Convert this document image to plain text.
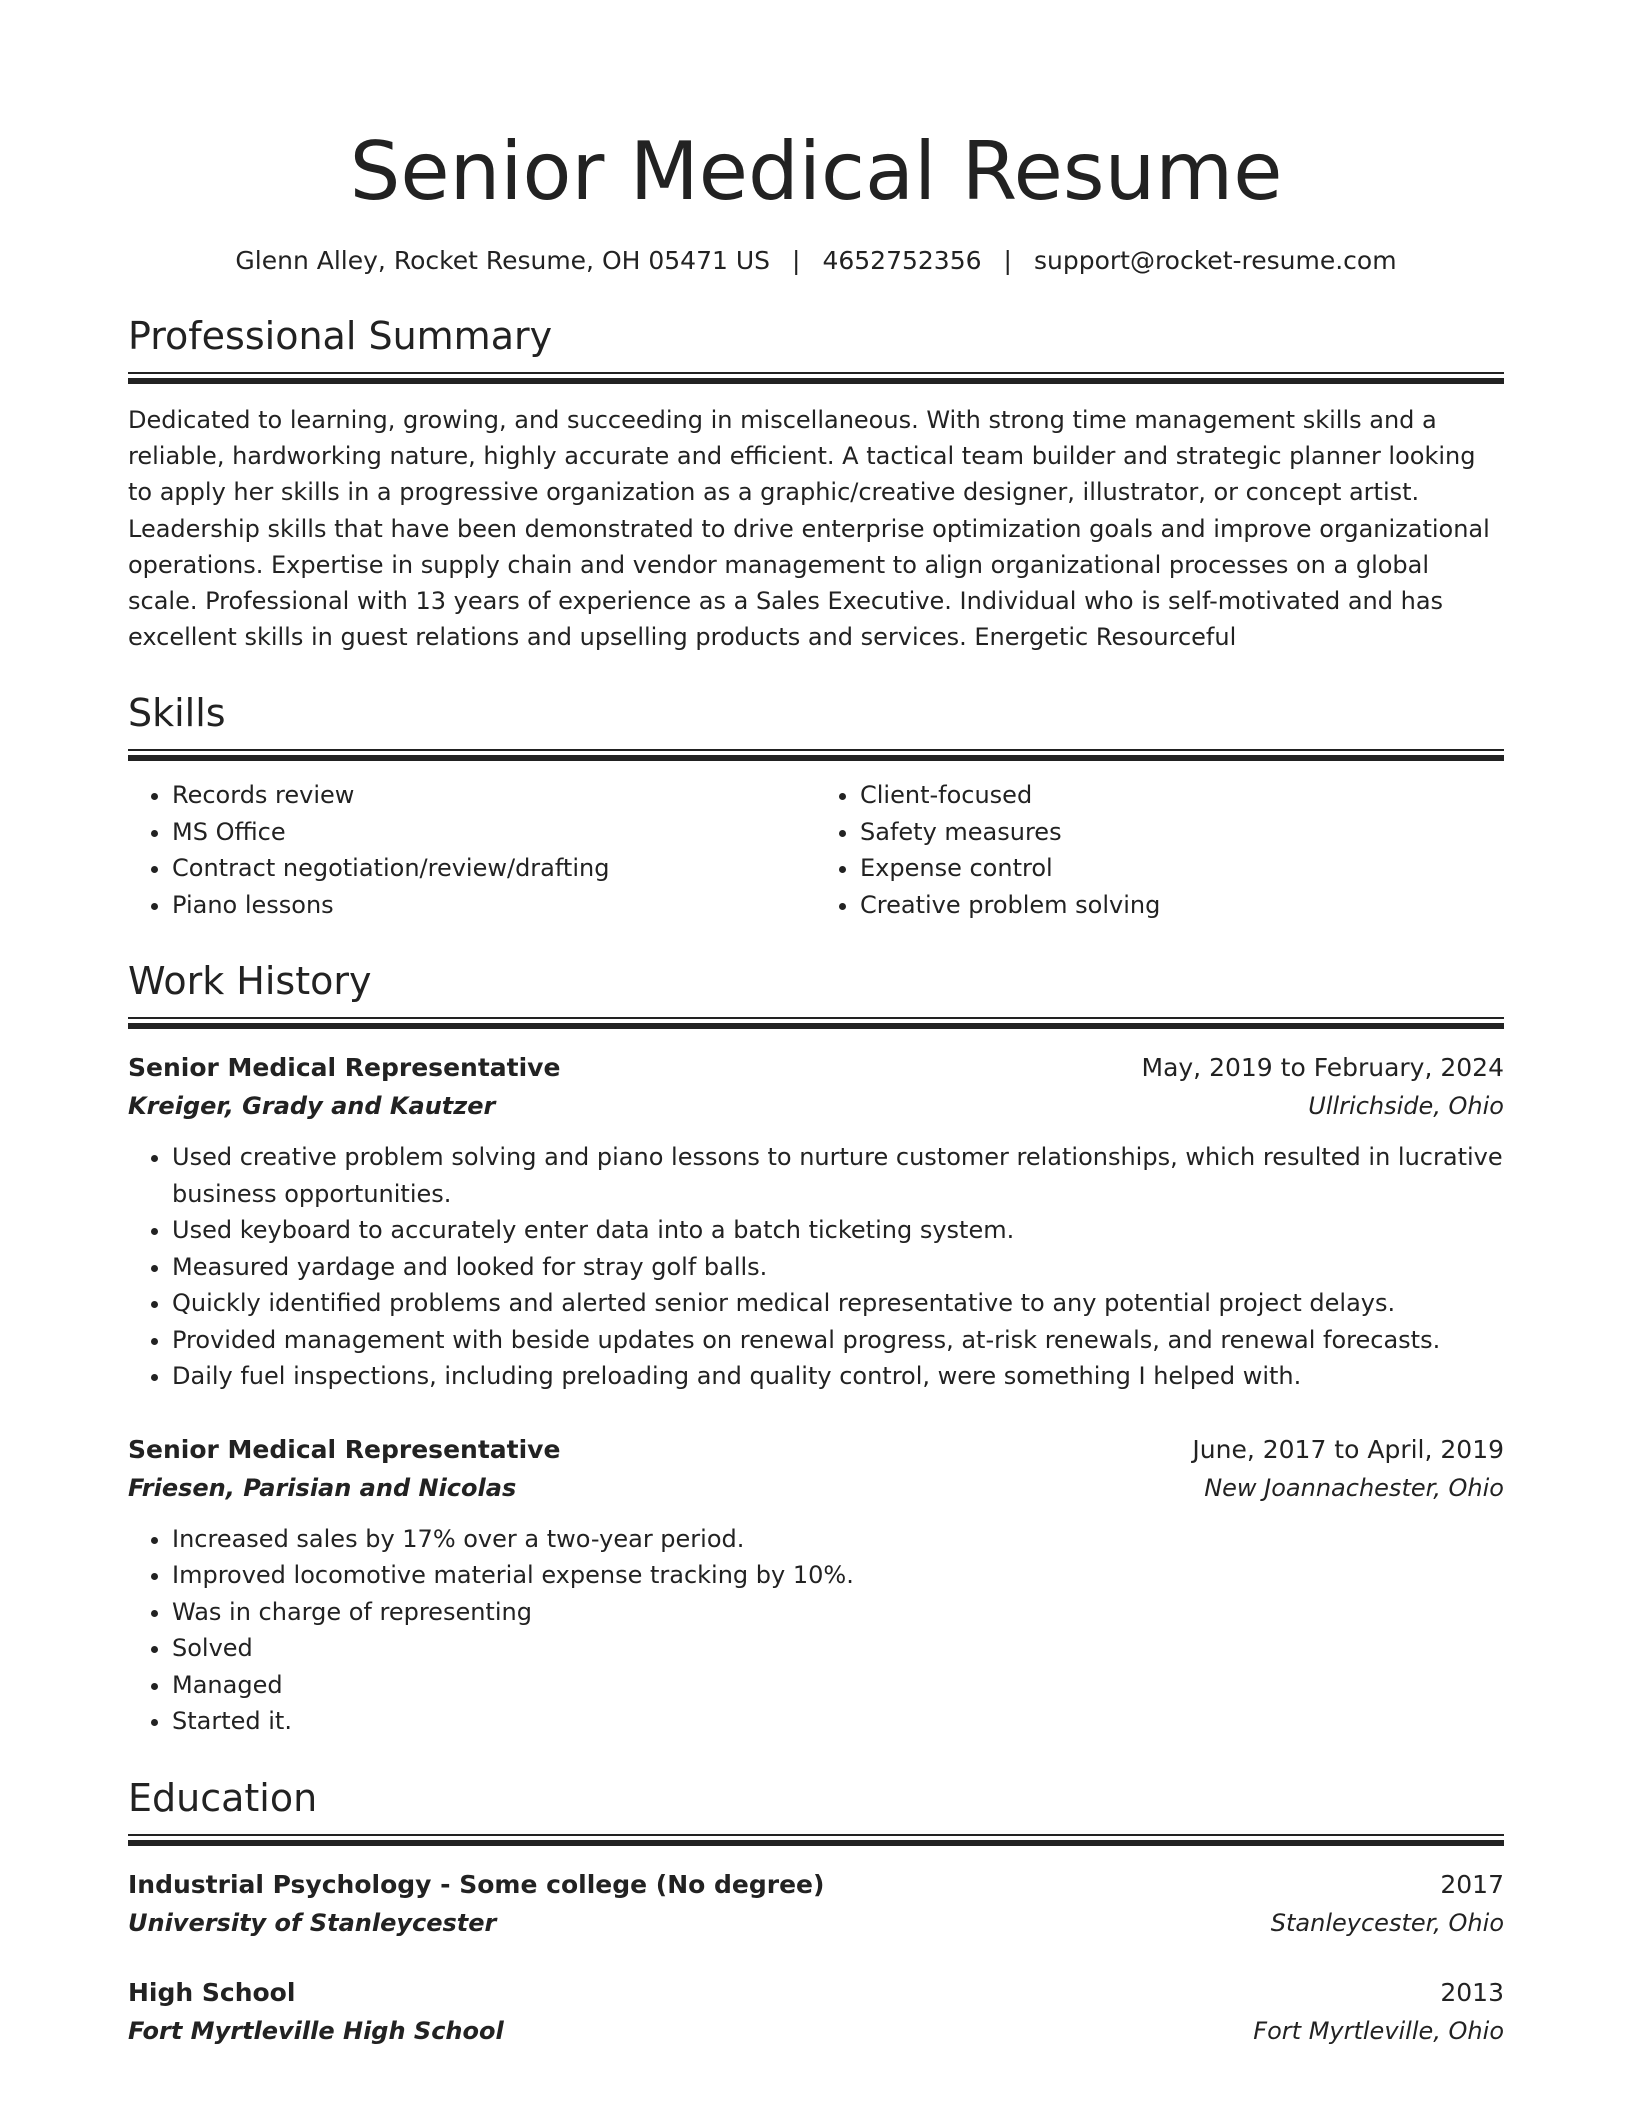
Senior Medical Resume
Glenn Alley, Rocket Resume, OH 05471 US | 4652752356 | support@rocket-resume.com
Professional Summary
Dedicated to learning, growing, and succeeding in miscellaneous. With strong time management skills and a reliable, hardworking nature, highly accurate and efficient. A tactical team builder and strategic planner looking to apply her skills in a progressive organization as a graphic/creative designer, illustrator, or concept artist. Leadership skills that have been demonstrated to drive enterprise optimization goals and improve organizational operations. Expertise in supply chain and vendor management to align organizational processes on a global scale. Professional with 13 years of experience as a Sales Executive. Individual who is self-motivated and has excellent skills in guest relations and upselling products and services. Energetic Resourceful
Skills
• Records review
• MS Office
• Contract negotiation/review/drafting
• Piano lessons
• Client-focused
• Safety measures
• Expense control
• Creative problem solving
Work History
Senior Medical Representative	May, 2019 to February, 2024
Kreiger, Grady and Kautzer	Ullrichside, Ohio
• Used creative problem solving and piano lessons to nurture customer relationships, which resulted in lucrative business opportunities.
• Used keyboard to accurately enter data into a batch ticketing system.
• Measured yardage and looked for stray golf balls.
• Quickly identified problems and alerted senior medical representative to any potential project delays.
• Provided management with beside updates on renewal progress, at-risk renewals, and renewal forecasts.
• Daily fuel inspections, including preloading and quality control, were something I helped with.
Senior Medical Representative	June, 2017 to April, 2019
Friesen, Parisian and Nicolas	New Joannachester, Ohio
• Increased sales by 17% over a two-year period.
• Improved locomotive material expense tracking by 10%.
• Was in charge of representing
• Solved
• Managed
• Started it.
Education
Industrial Psychology - Some college (No degree)	2017
University of Stanleycester	Stanleycester, Ohio
High School	2013
Fort Myrtleville High School	Fort Myrtleville, Ohio
